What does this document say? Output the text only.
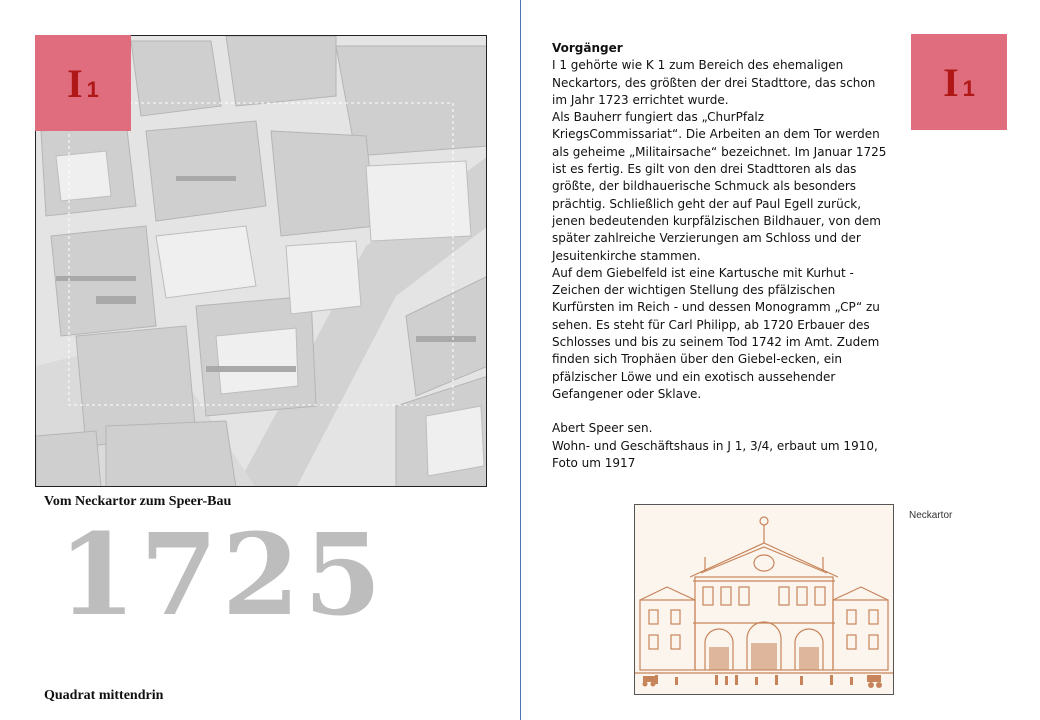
I 1
Vom Neckartor zum Speer-Bau
1725
Quadrat mittendrin

Vorgänger

I 1 gehörte wie K 1 zum Bereich des ehemaligen Neckartors, des größten der drei Stadttore, das schon im Jahr 1723 errichtet wurde.

Als Bauherr fungiert das „ChurPfalz KriegsCommissariat“. Die Arbeiten an dem Tor werden als geheime „Militairsache“ bezeichnet. Im Januar 1725 ist es fertig. Es gilt von den drei Stadttoren als das größte, der bildhauerische Schmuck als besonders prächtig. Schließlich geht der auf Paul Egell zurück, jenen bedeutenden kurpfälzischen Bildhauer, von dem später zahlreiche Verzierungen am Schloss und der Jesuitenkirche stammen.

Auf dem Giebelfeld ist eine Kartusche mit Kurhut - Zeichen der wichtigen Stellung des pfälzischen Kurfürsten im Reich - und dessen Monogramm „CP“ zu sehen. Es steht für Carl Philipp, ab 1720 Erbauer des Schlosses und bis zu seinem Tod 1742 im Amt. Zudem finden sich Trophäen über den Giebel-ecken, ein pfälzischer Löwe und ein exotisch aussehender Gefangener oder Sklave.

Abert Speer sen.

Wohn- und Geschäftshaus in J 1, 3/4, erbaut um 1910, Foto um 1917

I 1
Neckartor
